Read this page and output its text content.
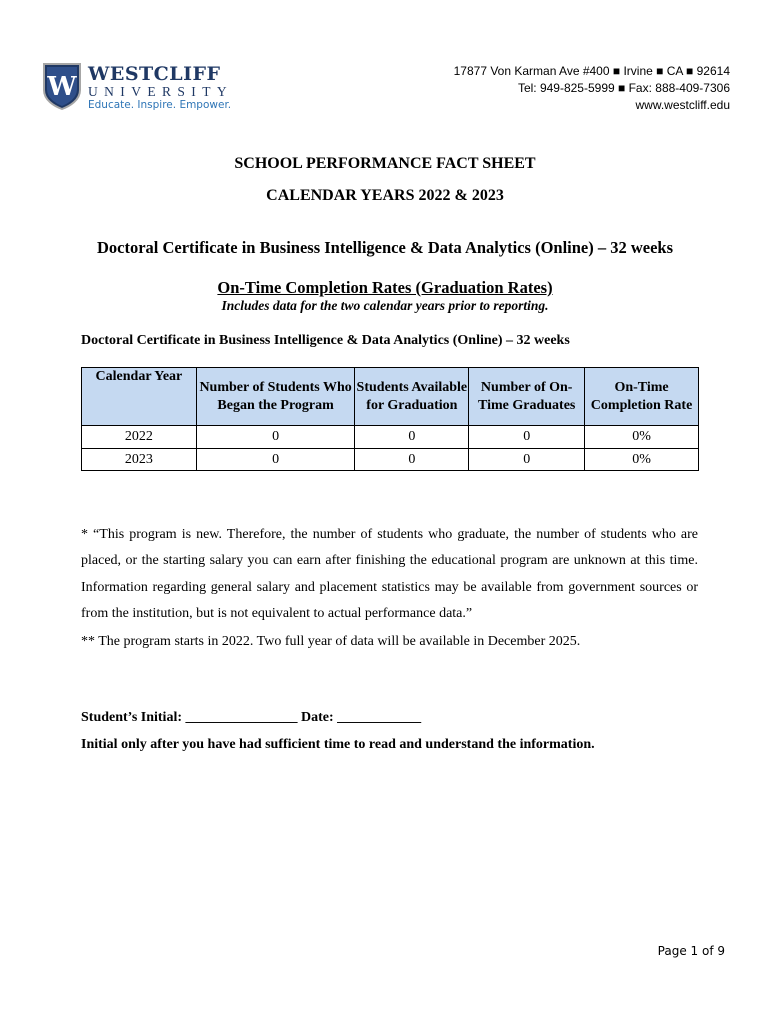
W WESTCLIFF
UNIVERSITY
Educate. Inspire. Empower.
17877 Von Karman Ave #400 ■ Irvine ■ CA ■ 92614
Tel: 949-825-5999 ■ Fax: 888-409-7306
www.westcliff.edu
SCHOOL PERFORMANCE FACT SHEET
CALENDAR YEARS 2022 & 2023
Doctoral Certificate in Business Intelligence & Data Analytics (Online) – 32 weeks
On-Time Completion Rates (Graduation Rates)
Includes data for the two calendar years prior to reporting.
Doctoral Certificate in Business Intelligence & Data Analytics (Online) – 32 weeks
Calendar Year	Number of Students Who Began the Program	Students Available for Graduation	Number of On-Time Graduates	On-Time Completion Rate
2022	0	0	0	0%
2023	0	0	0	0%
* “This program is new. Therefore, the number of students who graduate, the number of students who are placed, or the starting salary you can earn after finishing the educational program are unknown at this time. Information regarding general salary and placement statistics may be available from government sources or from the institution, but is not equivalent to actual performance data.”
** The program starts in 2022. Two full year of data will be available in December 2025.
Student’s Initial: ________________ Date: ____________
Initial only after you have had sufficient time to read and understand the information.
Page 1 of 9
